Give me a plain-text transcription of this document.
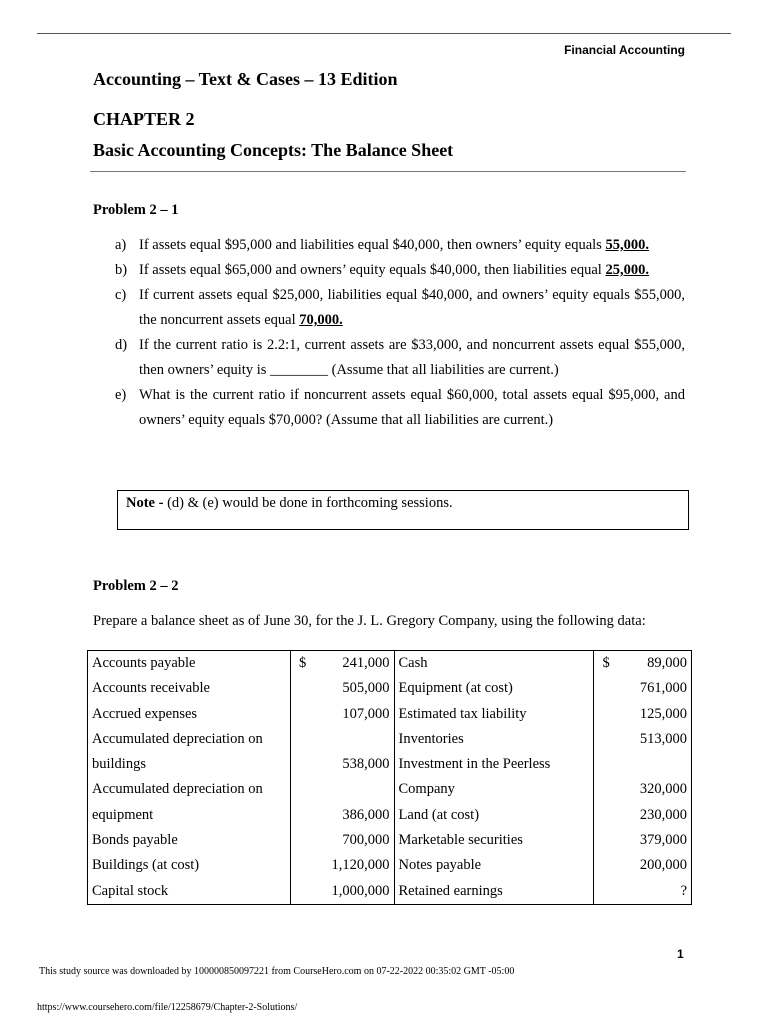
Financial Accounting
Accounting – Text & Cases – 13 Edition
CHAPTER 2
Basic Accounting Concepts: The Balance Sheet
Problem 2 – 1
a) If assets equal $95,000 and liabilities equal $40,000, then owners’ equity equals 55,000.
b) If assets equal $65,000 and owners’ equity equals $40,000, then liabilities equal 25,000.
c) If current assets equal $25,000, liabilities equal $40,000, and owners’ equity equals $55,000, the noncurrent assets equal 70,000.
d) If the current ratio is 2.2:1, current assets are $33,000, and noncurrent assets equal $55,000, then owners’ equity is ________ (Assume that all liabilities are current.)
e) What is the current ratio if noncurrent assets equal $60,000, total assets equal $95,000, and owners’ equity equals $70,000? (Assume that all liabilities are current.)
Note - (d) & (e) would be done in forthcoming sessions.
Problem 2 – 2
Prepare a balance sheet as of June 30, for the J. L. Gregory Company, using the following data:
Accounts payable	$	241,000	Cash	$	89,000
Accounts receivable		505,000	Equipment (at cost)		761,000
Accrued expenses		107,000	Estimated tax liability		125,000
Accumulated depreciation on			Inventories		513,000
buildings		538,000	Investment in the Peerless		
Accumulated depreciation on			Company		320,000
equipment		386,000	Land (at cost)		230,000
Bonds payable		700,000	Marketable securities		379,000
Buildings (at cost)		1,120,000	Notes payable		200,000
Capital stock		1,000,000	Retained earnings		?
1
This study source was downloaded by 100000850097221 from CourseHero.com on 07-22-2022 00:35:02 GMT -05:00
https://www.coursehero.com/file/12258679/Chapter-2-Solutions/
